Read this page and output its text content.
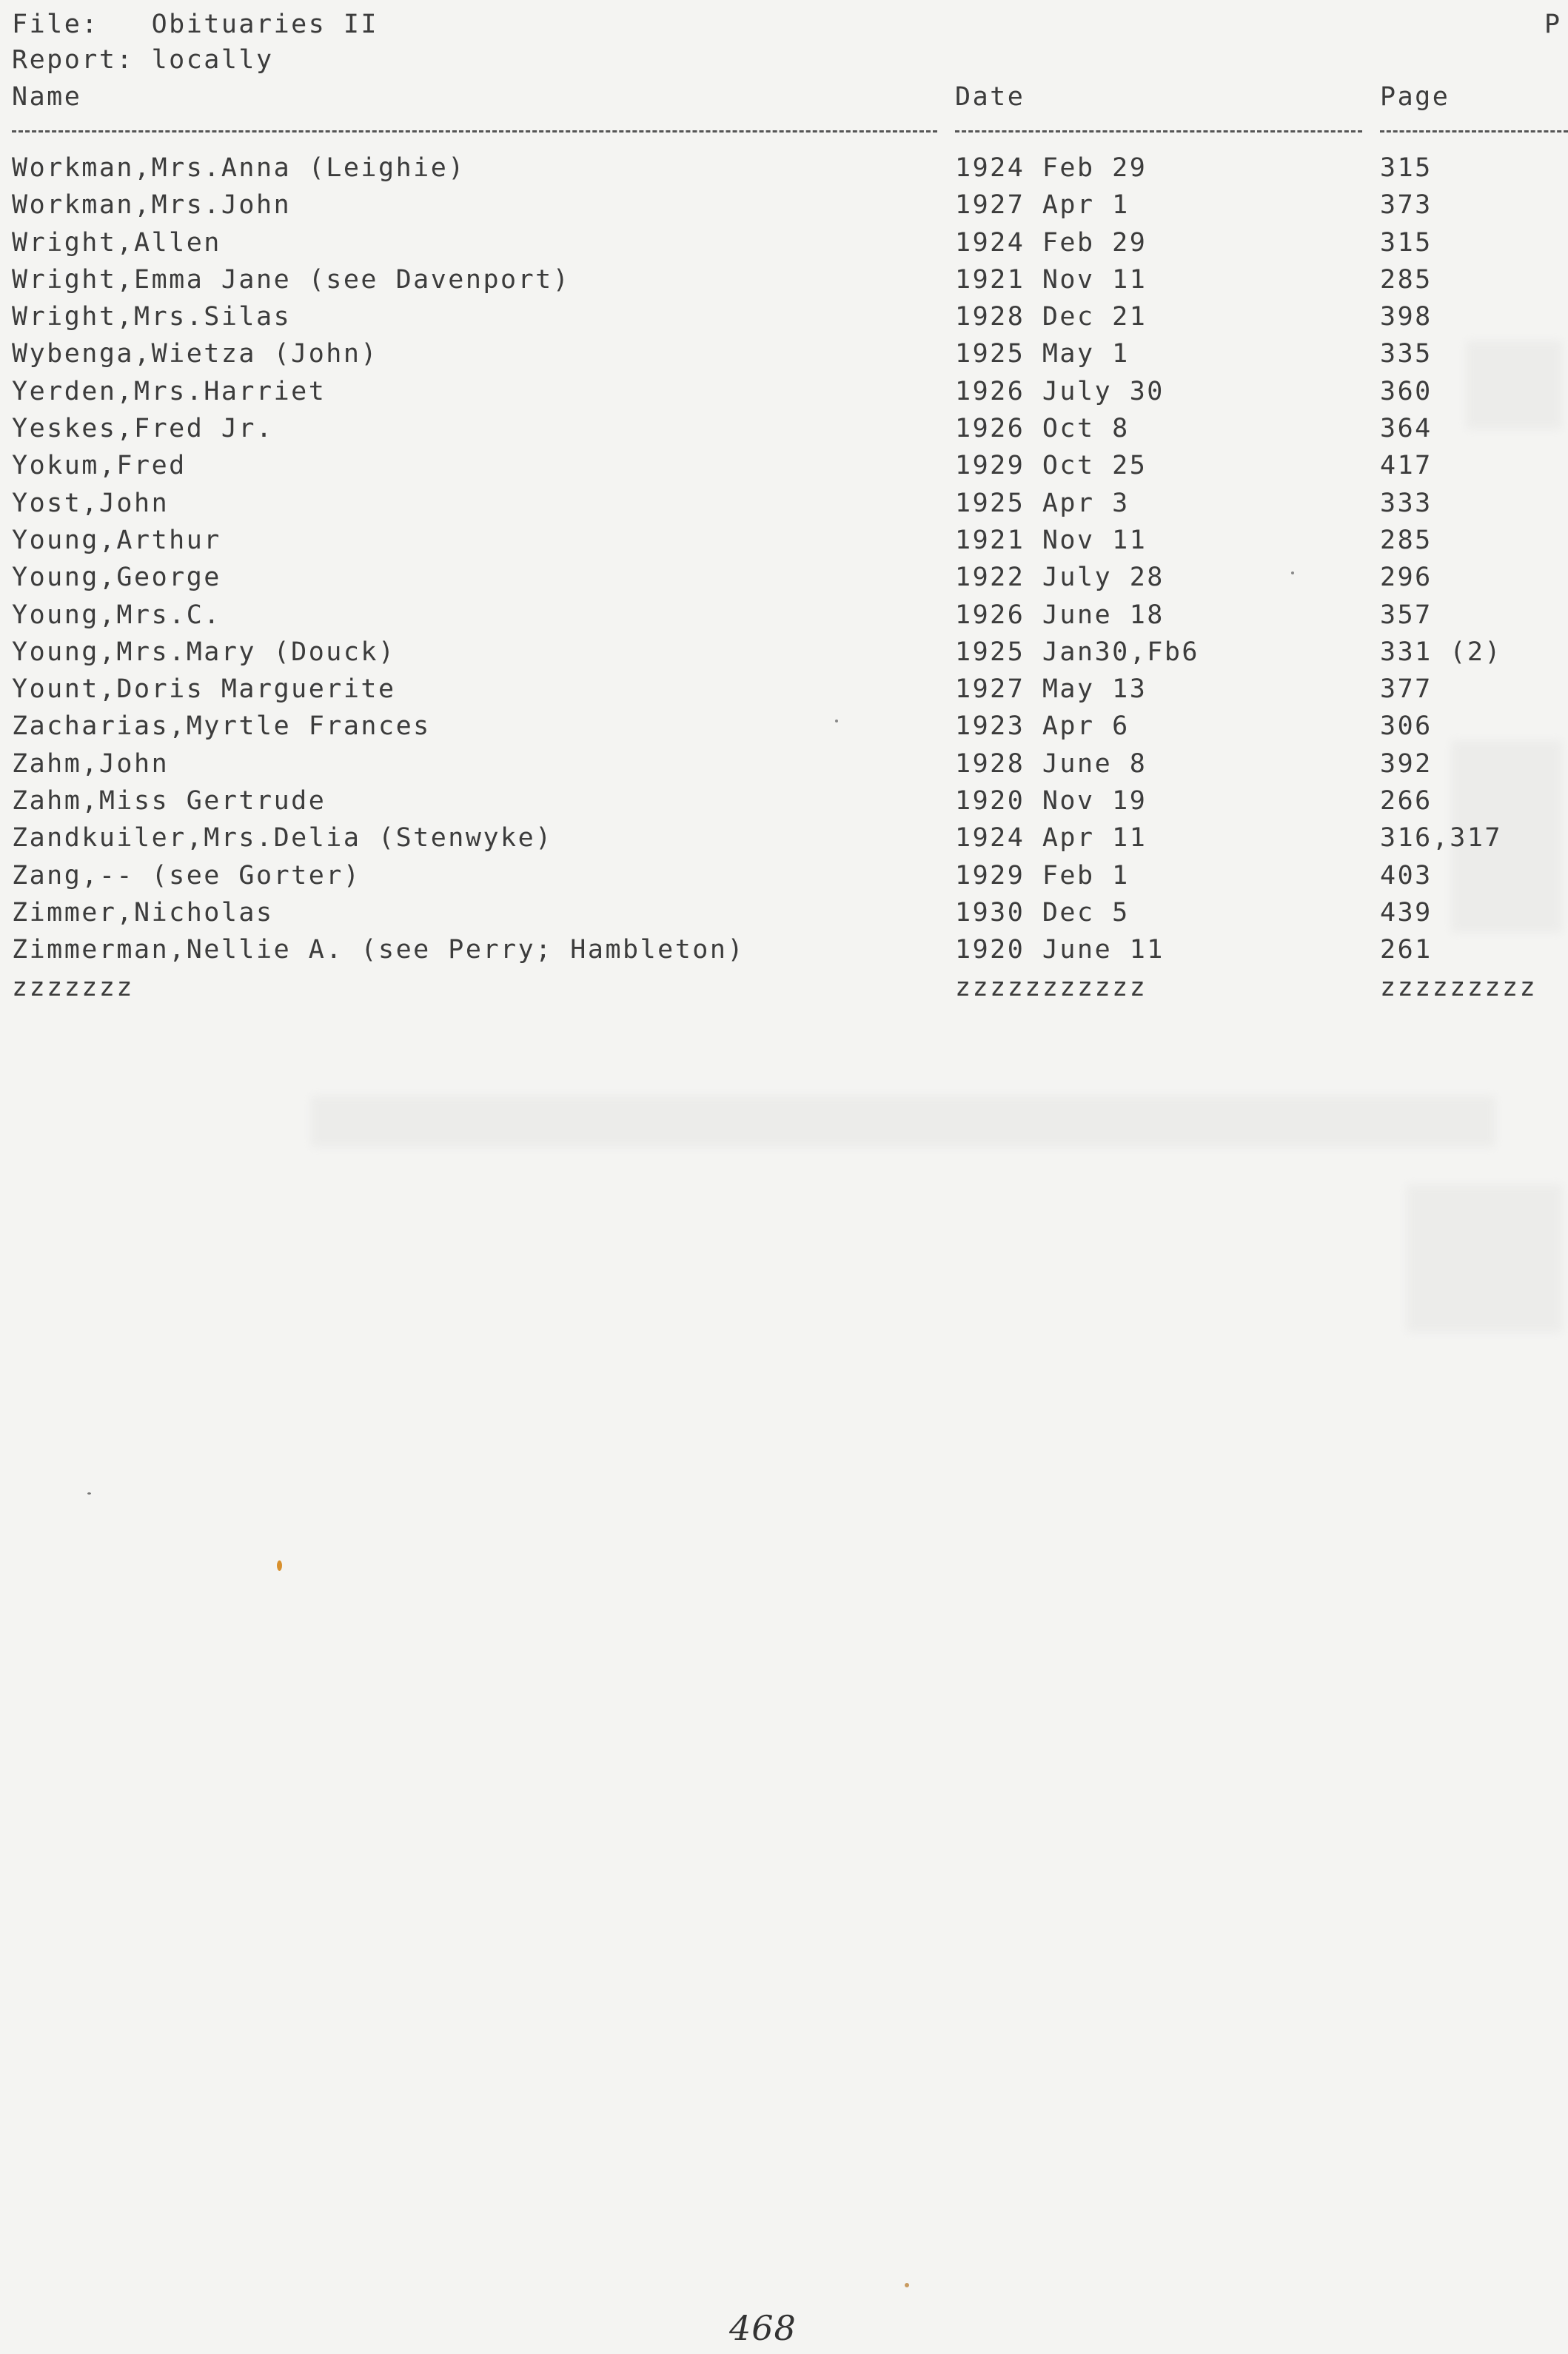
File:   Obituaries II
Report: locally
P
Name	Date	Page
Workman,Mrs.Anna (Leighie)	1924 Feb 29	315
Workman,Mrs.John	1927 Apr 1	373
Wright,Allen	1924 Feb 29	315
Wright,Emma Jane (see Davenport)	1921 Nov 11	285
Wright,Mrs.Silas	1928 Dec 21	398
Wybenga,Wietza (John)	1925 May 1	335
Yerden,Mrs.Harriet	1926 July 30	360
Yeskes,Fred Jr.	1926 Oct 8	364
Yokum,Fred	1929 Oct 25	417
Yost,John	1925 Apr 3	333
Young,Arthur	1921 Nov 11	285
Young,George	1922 July 28	296
Young,Mrs.C.	1926 June 18	357
Young,Mrs.Mary (Douck)	1925 Jan30,Fb6	331 (2)
Yount,Doris Marguerite	1927 May 13	377
Zacharias,Myrtle Frances	1923 Apr 6	306
Zahm,John	1928 June 8	392
Zahm,Miss Gertrude	1920 Nov 19	266
Zandkuiler,Mrs.Delia (Stenwyke)	1924 Apr 11	316,317
Zang,-- (see Gorter)	1929 Feb 1	403
Zimmer,Nicholas	1930 Dec 5	439
Zimmerman,Nellie A. (see Perry; Hambleton)	1920 June 11	261
zzzzzzz	zzzzzzzzzzz	zzzzzzzzz
468
